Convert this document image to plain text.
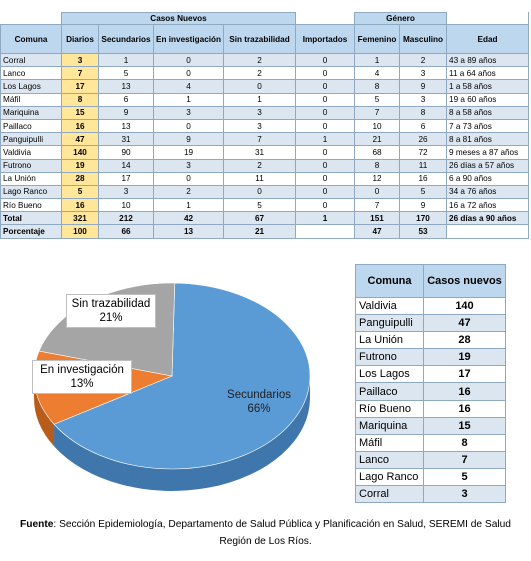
	Casos Nuevos					Género		
Comuna	Diarios	Secundarios	En investigación	Sin trazabilidad	Importados	Femenino	Masculino	Edad
Corral	3	1	0	2	0	1	2	43 a 89 años
Lanco	7	5	0	2	0	4	3	11 a 64 años
Los Lagos	17	13	4	0	0	8	9	1 a 58 años
Máfil	8	6	1	1	0	5	3	19 a 60 años
Mariquina	15	9	3	3	0	7	8	8 a 58 años
Paillaco	16	13	0	3	0	10	6	7 a 73 años
Panguipulli	47	31	9	7	1	21	26	8 a 81 años
Valdivia	140	90	19	31	0	68	72	9 meses a 87 años
Futrono	19	14	3	2	0	8	11	26 días a 57 años
La Unión	28	17	0	11	0	12	16	6 a 90 años
Lago Ranco	5	3	2	0	0	0	5	34 a 76 años
Río Bueno	16	10	1	5	0	7	9	16 a 72 años
Total	321	212	42	67	1	151	170	26 días a 90 años
Porcentaje	100	66	13	21		47	53	
Sin trazabilidad
21%
En investigación
13%
Secundarios
66%
Comuna	Casos nuevos
Valdivia	140
Panguipulli	47
La Unión	28
Futrono	19
Los Lagos	17
Paillaco	16
Río Bueno	16
Mariquina	15
Máfil	8
Lanco	7
Lago Ranco	5
Corral	3
Fuente: Sección Epidemiología, Departamento de Salud Pública y Planificación en Salud, SEREMI de Salud Región de Los Ríos.
